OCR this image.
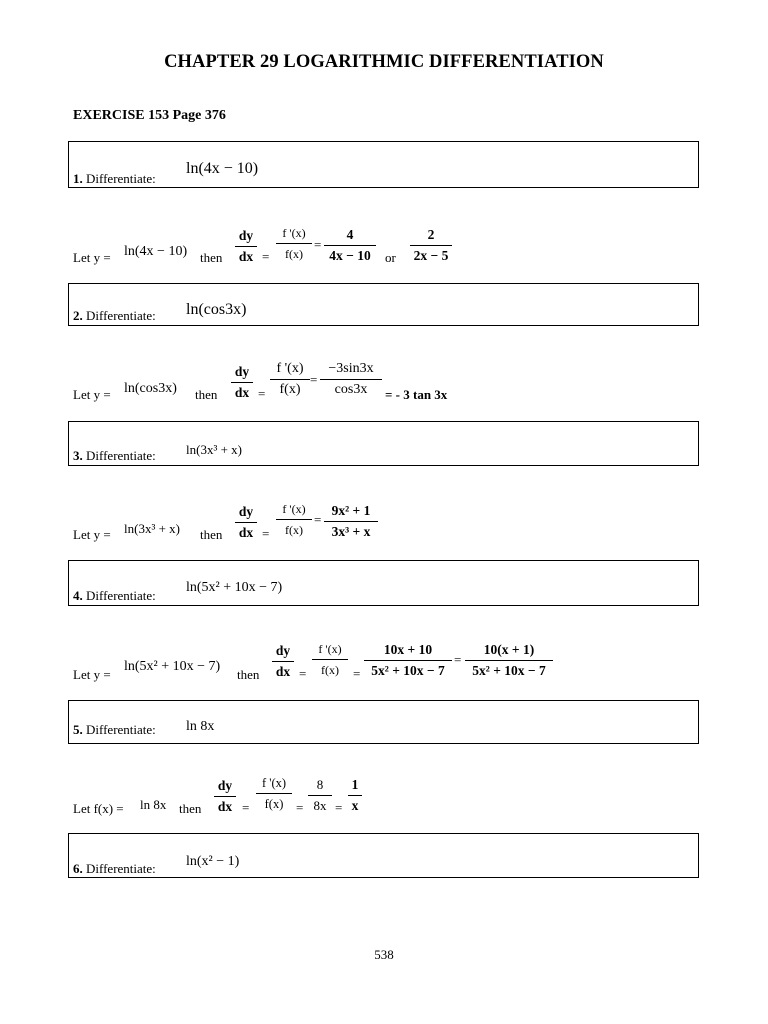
CHAPTER 29 LOGARITHMIC DIFFERENTIATION
EXERCISE 153 Page 376
1. Differentiate:
ln(4x − 10)
Let y = ln(4x − 10) then
dy
dx =
f '(x)
f(x)
=
4
4x − 10	or
2
2x − 5
2. Differentiate: ln(cos3x)
Let y = ln(cos3x) then
dy
dx =
f '(x)
f(x)
=
−3sin3x
cos3x	= - 3 tan 3x
3. Differentiate: ln(3x³ + x)
Let y = ln(3x³ + x) then
dy
dx =
f '(x)
f(x)
=
9x² + 1
3x³ + x
4. Differentiate:
ln(5x² + 10x − 7)
Let y =
ln(5x² + 10x − 7)
then
dy
dx =
f '(x)
f(x)	=
10x + 10
5x² + 10x − 7
=
10(x + 1)
5x² + 10x − 7
5. Differentiate: ln 8x
Let f(x) = ln 8x then
dy
dx =
f '(x)
f(x) =
8
8x =
1
x
6. Differentiate: ln(x² − 1)
538
